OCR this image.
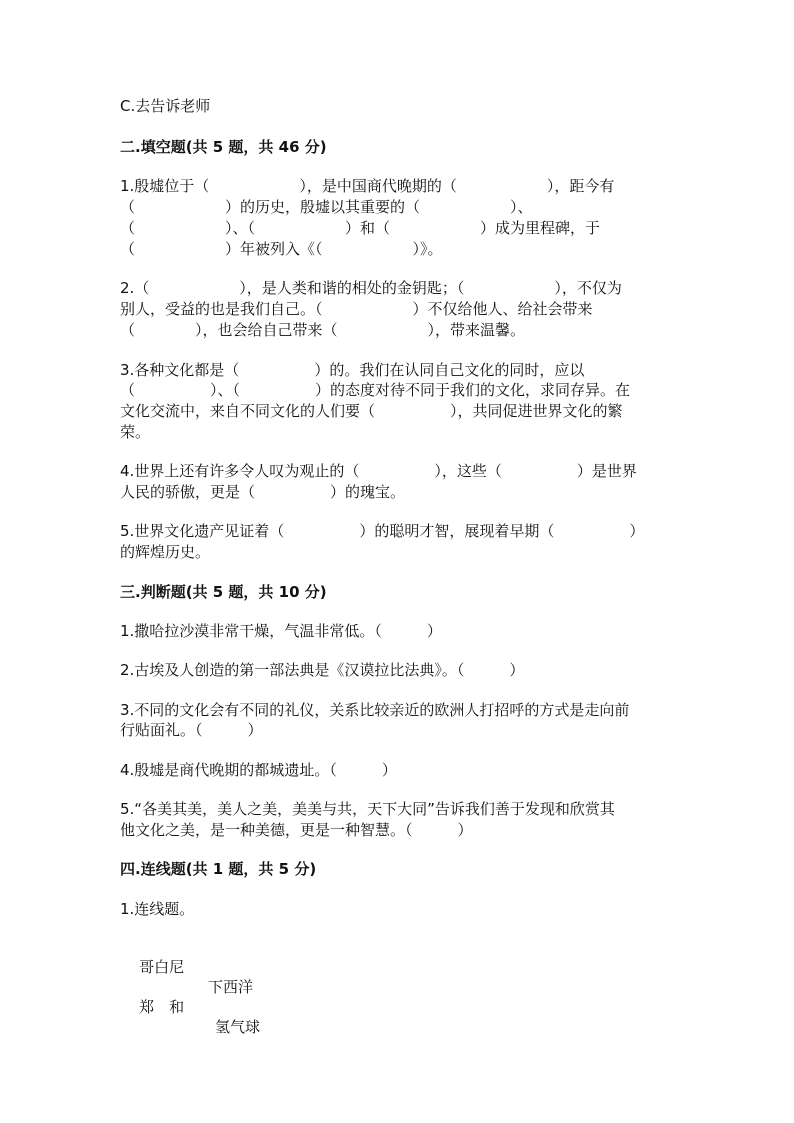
C.去告诉老师
二.填空题(共 5 题，共 46 分)
1.殷墟位于（　　　　　　），是中国商代晚期的（　　　　　　），距今有
（　　　　　　）的历史，殷墟以其重要的（　　　　　　）、
（　　　　　　）、（　　　　　　）和（　　　　　　）成为里程碑，于
（　　　　　　）年被列入《（　　　　　　）》。
2.（　　　　　　），是人类和谐的相处的金钥匙；（　　　　　　），不仅为
别人，受益的也是我们自己。（　　　　　　）不仅给他人、给社会带来
（　　　　），也会给自己带来（　　　　　　），带来温馨。
3.各种文化都是（　　　　　）的。我们在认同自己文化的同时，应以
（　　　　　）、（　　　　　）的态度对待不同于我们的文化，求同存异。在
文化交流中，来自不同文化的人们要（　　　　　），共同促进世界文化的繁
荣。
4.世界上还有许多令人叹为观止的（　　　　　），这些（　　　　　）是世界
人民的骄傲，更是（　　　　　）的瑰宝。
5.世界文化遗产见证着（　　　　　）的聪明才智，展现着早期（　　　　　）
的辉煌历史。
三.判断题(共 5 题，共 10 分)
1.撒哈拉沙漠非常干燥，气温非常低。（　　　）
2.古埃及人创造的第一部法典是《汉谟拉比法典》。（　　　）
3.不同的文化会有不同的礼仪，关系比较亲近的欧洲人打招呼的方式是走向前
行贴面礼。（　　　）
4.殷墟是商代晚期的都城遗址。（　　　）
5.“各美其美，美人之美，美美与共，天下大同”告诉我们善于发现和欣赏其
他文化之美，是一种美德，更是一种智慧。（　　　）
四.连线题(共 1 题，共 5 分)
1.连线题。

哥白尼

下西洋

郑　和

氢气球
